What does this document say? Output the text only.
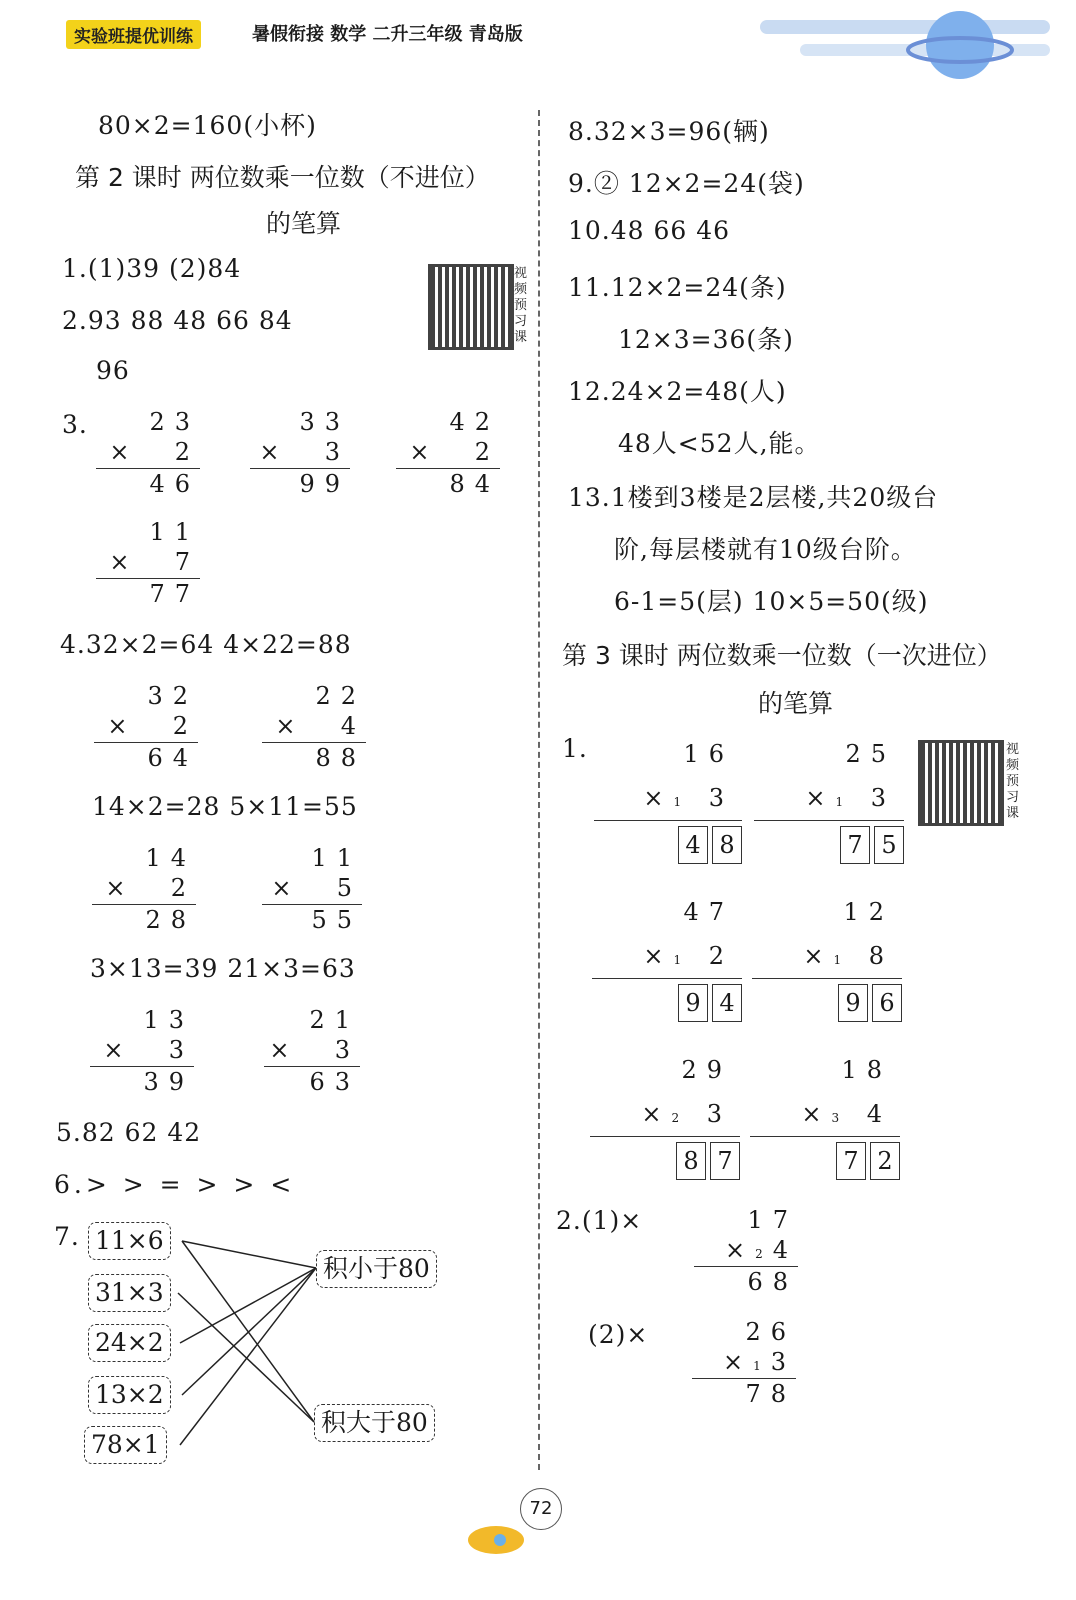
实验班提优训练	暑假衔接 数学 二升三年级 青岛版
80×2=160(小杯)
第 2 课时 两位数乘一位数（不进位）
的笔算
1.(1)39 (2)84
2.93 88 48 66 84
96
视频预习课
3.	23
×  2
46
33
×  3
99
42
×  2
84
11
×  7
77
4.32×2=64 4×22=88
32
×  2
64
22
×  4
88
14×2=28 5×11=55
14
×  2
28
11
×  5
55
3×13=39 21×3=63
13
×  3
39
21
×  3
63
5.82 62 42
6.> > = > > <
7. 11×6
31×3
24×2
13×2
78×1
积小于80
积大于80
8.32×3=96(辆)
9.② 12×2=24(袋)
10.48 66 46
11.12×2=24(条)
12×3=36(条)
12.24×2=48(人)
48人<52人,能。
13.1楼到3楼是2层楼,共20级台
阶,每层楼就有10级台阶。
6-1=5(层) 10×5=50(级)
第 3 课时 两位数乘一位数（一次进位）
的笔算
1.	视频预习课
16
×1 3
4 8
25
×1 3
7 5
47
×1 2
9 4
12
×1 8
9 6
29
×2 3
8 7
18
×3 4
7 2
2.(1)×	17
×24
68
(2)×	26
×13
78
72
